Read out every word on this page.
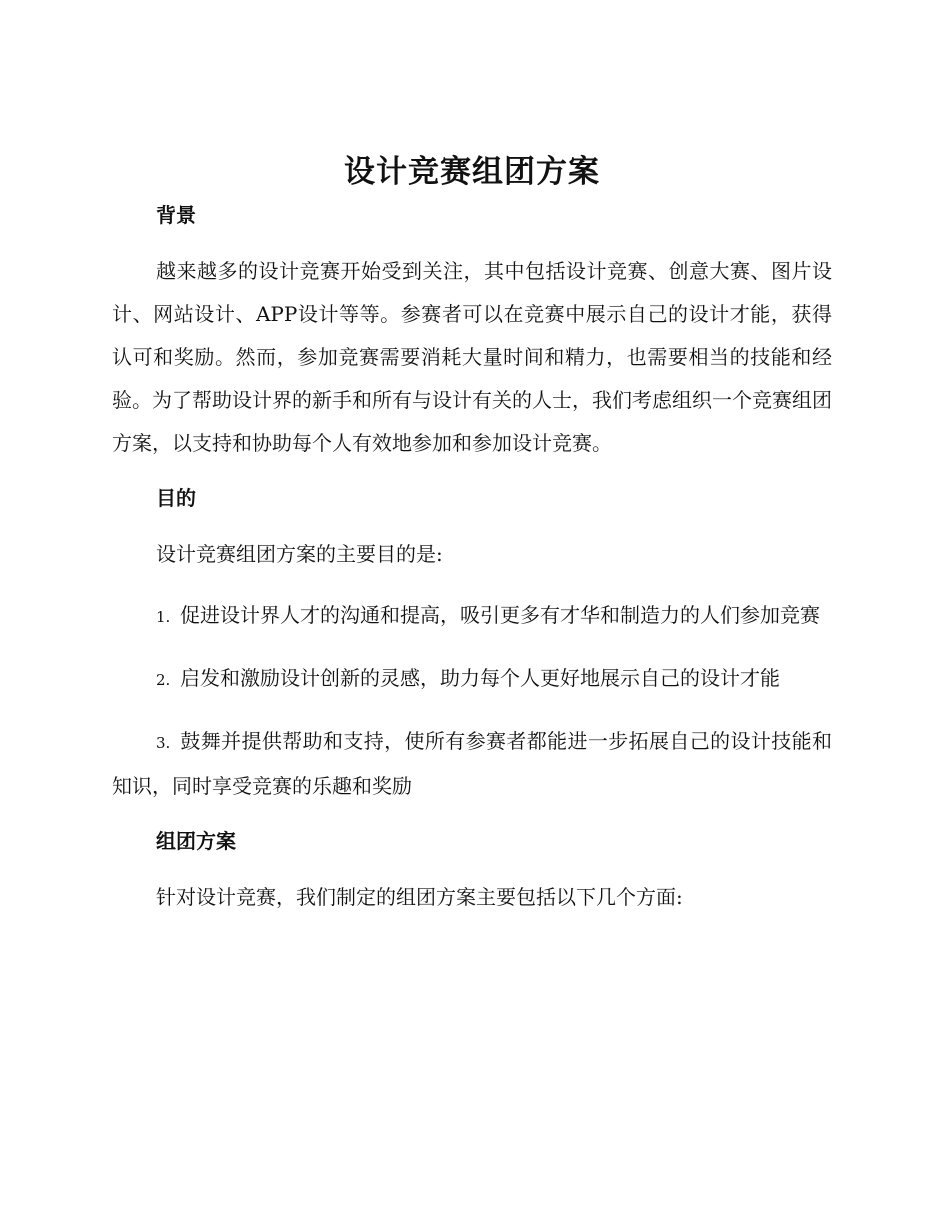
设计竞赛组团方案
背景

越来越多的设计竞赛开始受到关注，其中包括设计竞赛、创意大赛、图片设计、网站设计、APP设计等等。参赛者可以在竞赛中展示自己的设计才能，获得认可和奖励。然而，参加竞赛需要消耗大量时间和精力，也需要相当的技能和经验。为了帮助设计界的新手和所有与设计有关的人士，我们考虑组织一个竞赛组团方案，以支持和协助每个人有效地参加和参加设计竞赛。

目的

设计竞赛组团方案的主要目的是:

1. 促进设计界人才的沟通和提高，吸引更多有才华和制造力的人们参加竞赛
2. 启发和激励设计创新的灵感，助力每个人更好地展示自己的设计才能
3. 鼓舞并提供帮助和支持，使所有参赛者都能进一步拓展自己的设计技能和知识，同时享受竞赛的乐趣和奖励
组团方案

针对设计竞赛，我们制定的组团方案主要包括以下几个方面:
